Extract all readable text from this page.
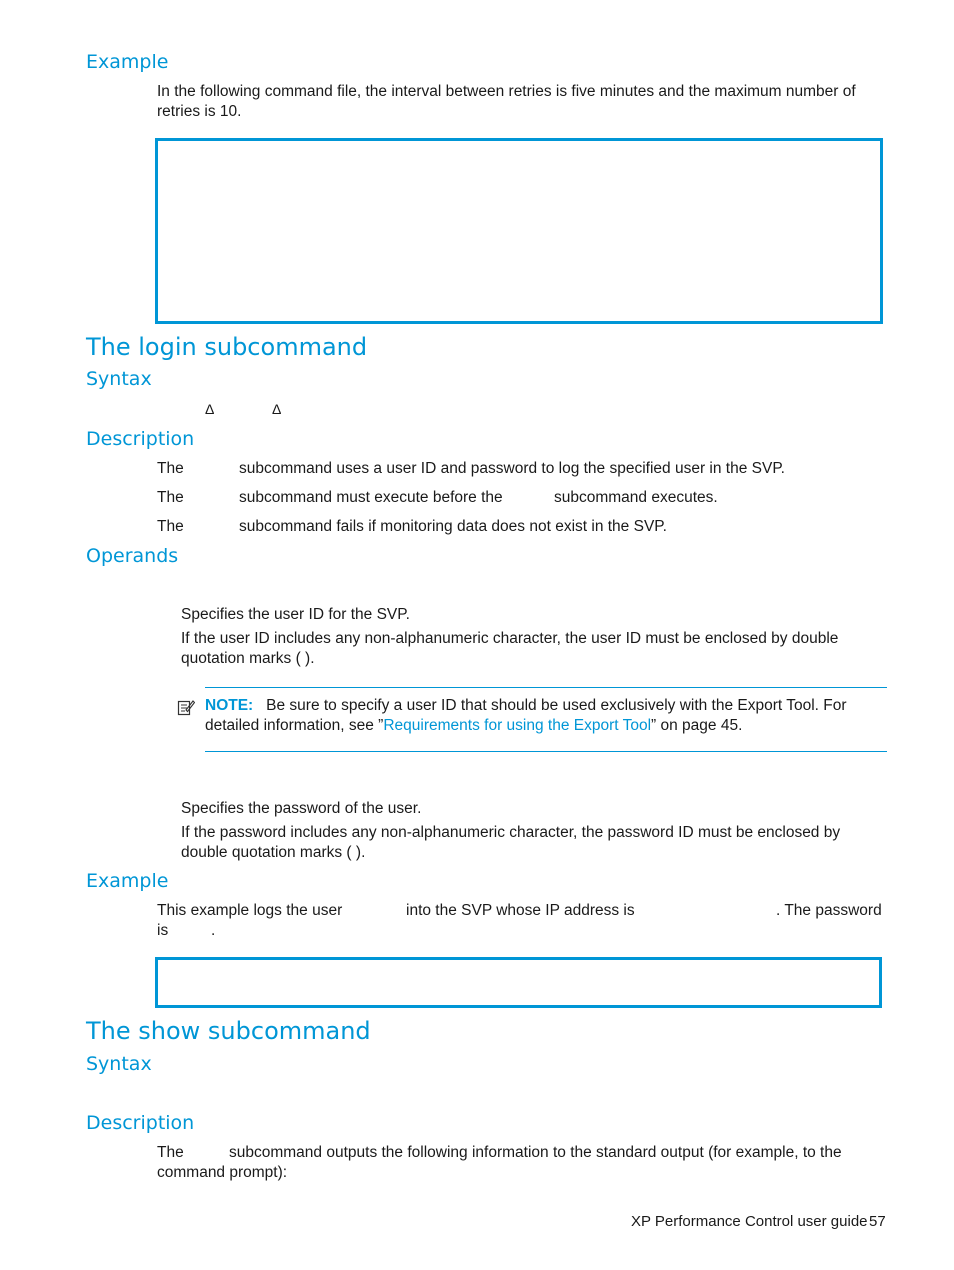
Example
In the following command file, the interval between retries is five minutes and the maximum number of
retries is 10.
The login subcommand
Syntax
Δ	Δ
Description
The	subcommand uses a user ID and password to log the specified user in the SVP.
The	subcommand must execute before the	subcommand executes.
The	subcommand fails if monitoring data does not exist in the SVP.
Operands
Specifies the user ID for the SVP.
If the user ID includes any non-alphanumeric character, the user ID must be enclosed by double
quotation marks ( ).
NOTE: Be sure to specify a user ID that should be used exclusively with the Export Tool. For
detailed information, see ”Requirements for using the Export Tool” on page 45.
Specifies the password of the user.
If the password includes any non-alphanumeric character, the password ID must be enclosed by
double quotation marks ( ).
Example
This example logs the user	into the SVP whose IP address is	. The password
is	.
The show subcommand
Syntax
Description
The	subcommand outputs the following information to the standard output (for example, to the
command prompt):
XP Performance Control user guide 57
